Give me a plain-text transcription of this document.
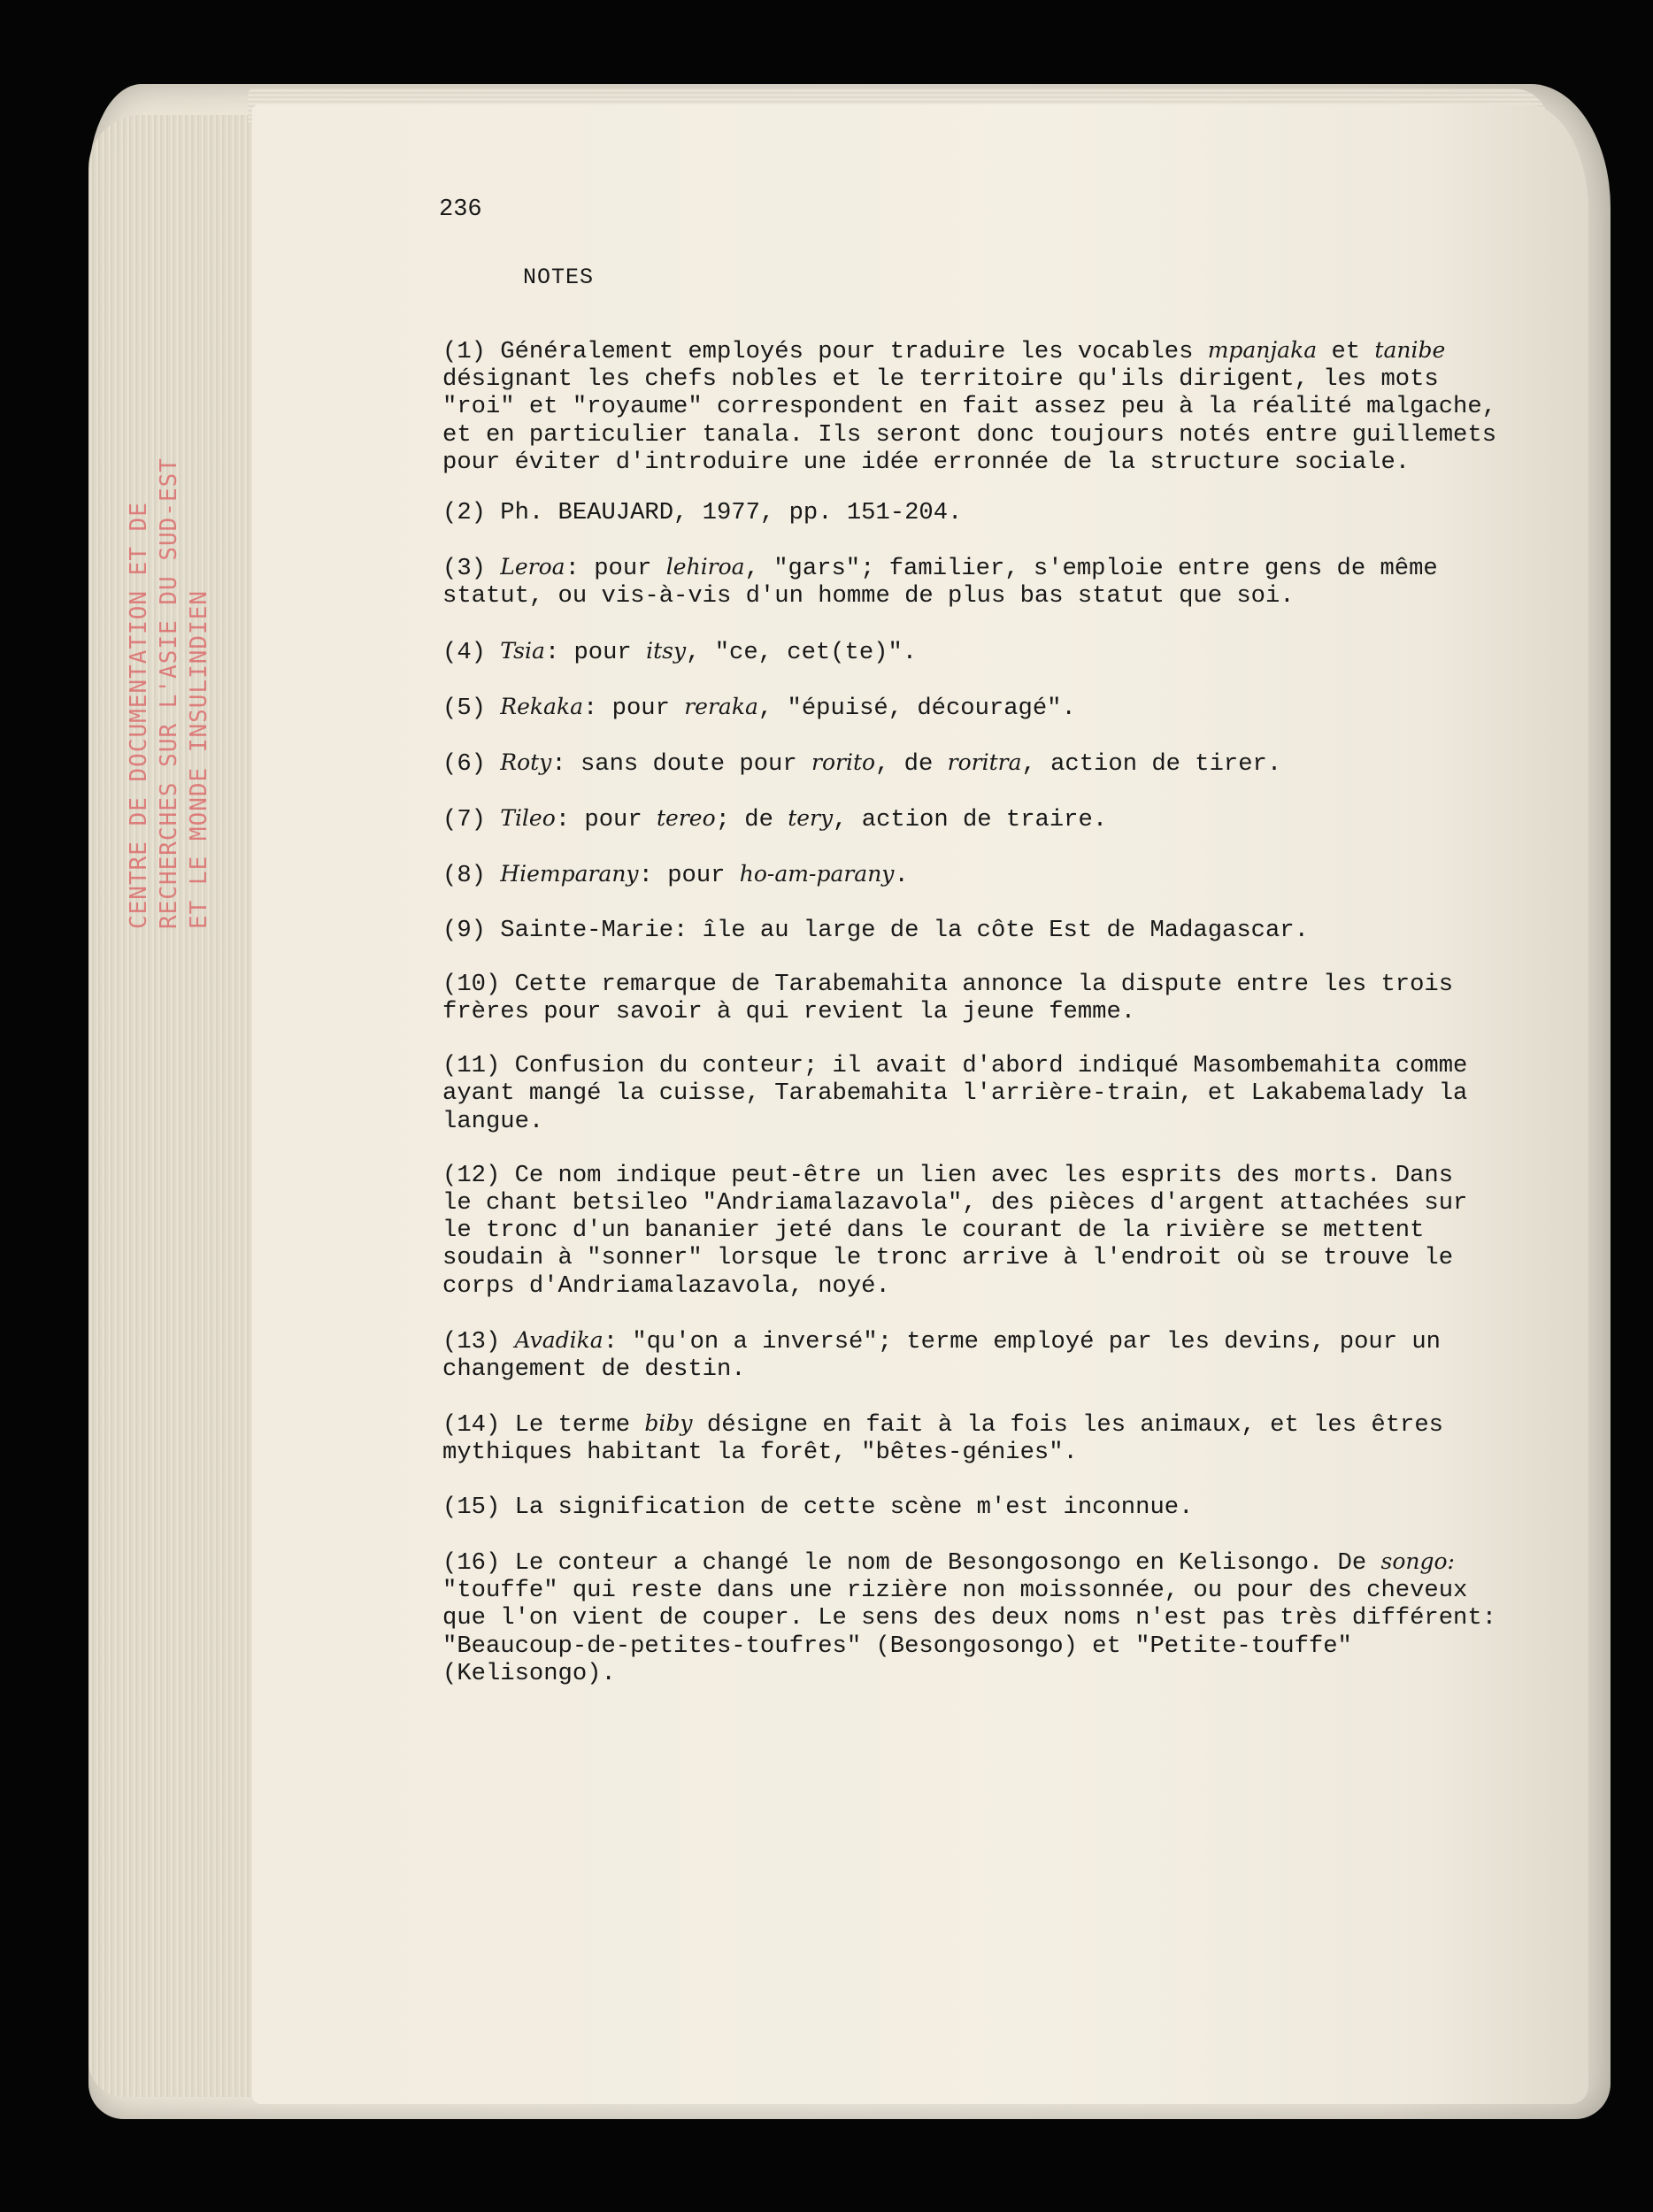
CENTRE DE DOCUMENTATION ET DE RECHERCHES SUR L'ASIE DU SUD-EST ET LE MONDE INSULINDIEN
236
NOTES
(1) Généralement employés pour traduire les vocables mpanjaka et tanibe
désignant les chefs nobles et le territoire qu'ils dirigent, les mots
"roi" et "royaume" correspondent en fait assez peu à la réalité malgache,
et en particulier tanala. Ils seront donc toujours notés entre guillemets
pour éviter d'introduire une idée erronnée de la structure sociale.
(2) Ph. BEAUJARD, 1977, pp. 151-204.
(3) Leroa: pour lehiroa, "gars"; familier, s'emploie entre gens de même
statut, ou vis-à-vis d'un homme de plus bas statut que soi.
(4) Tsia: pour itsy, "ce, cet(te)".
(5) Rekaka: pour reraka, "épuisé, découragé".
(6) Roty: sans doute pour rorito, de roritra, action de tirer.
(7) Tileo: pour tereo; de tery, action de traire.
(8) Hiemparany: pour ho-am-parany.
(9) Sainte-Marie: île au large de la côte Est de Madagascar.
(10) Cette remarque de Tarabemahita annonce la dispute entre les trois
frères pour savoir à qui revient la jeune femme.
(11) Confusion du conteur; il avait d'abord indiqué Masombemahita comme
ayant mangé la cuisse, Tarabemahita l'arrière-train, et Lakabemalady la
langue.
(12) Ce nom indique peut-être un lien avec les esprits des morts. Dans
le chant betsileo "Andriamalazavola", des pièces d'argent attachées sur
le tronc d'un bananier jeté dans le courant de la rivière se mettent
soudain à "sonner" lorsque le tronc arrive à l'endroit où se trouve le
corps d'Andriamalazavola, noyé.
(13) Avadika: "qu'on a inversé"; terme employé par les devins, pour un
changement de destin.
(14) Le terme biby désigne en fait à la fois les animaux, et les êtres
mythiques habitant la forêt, "bêtes-génies".
(15) La signification de cette scène m'est inconnue.
(16) Le conteur a changé le nom de Besongosongo en Kelisongo. De songo:
"touffe" qui reste dans une rizière non moissonnée, ou pour des cheveux
que l'on vient de couper. Le sens des deux noms n'est pas très différent:
"Beaucoup-de-petites-toufres" (Besongosongo) et "Petite-touffe"
(Kelisongo).
